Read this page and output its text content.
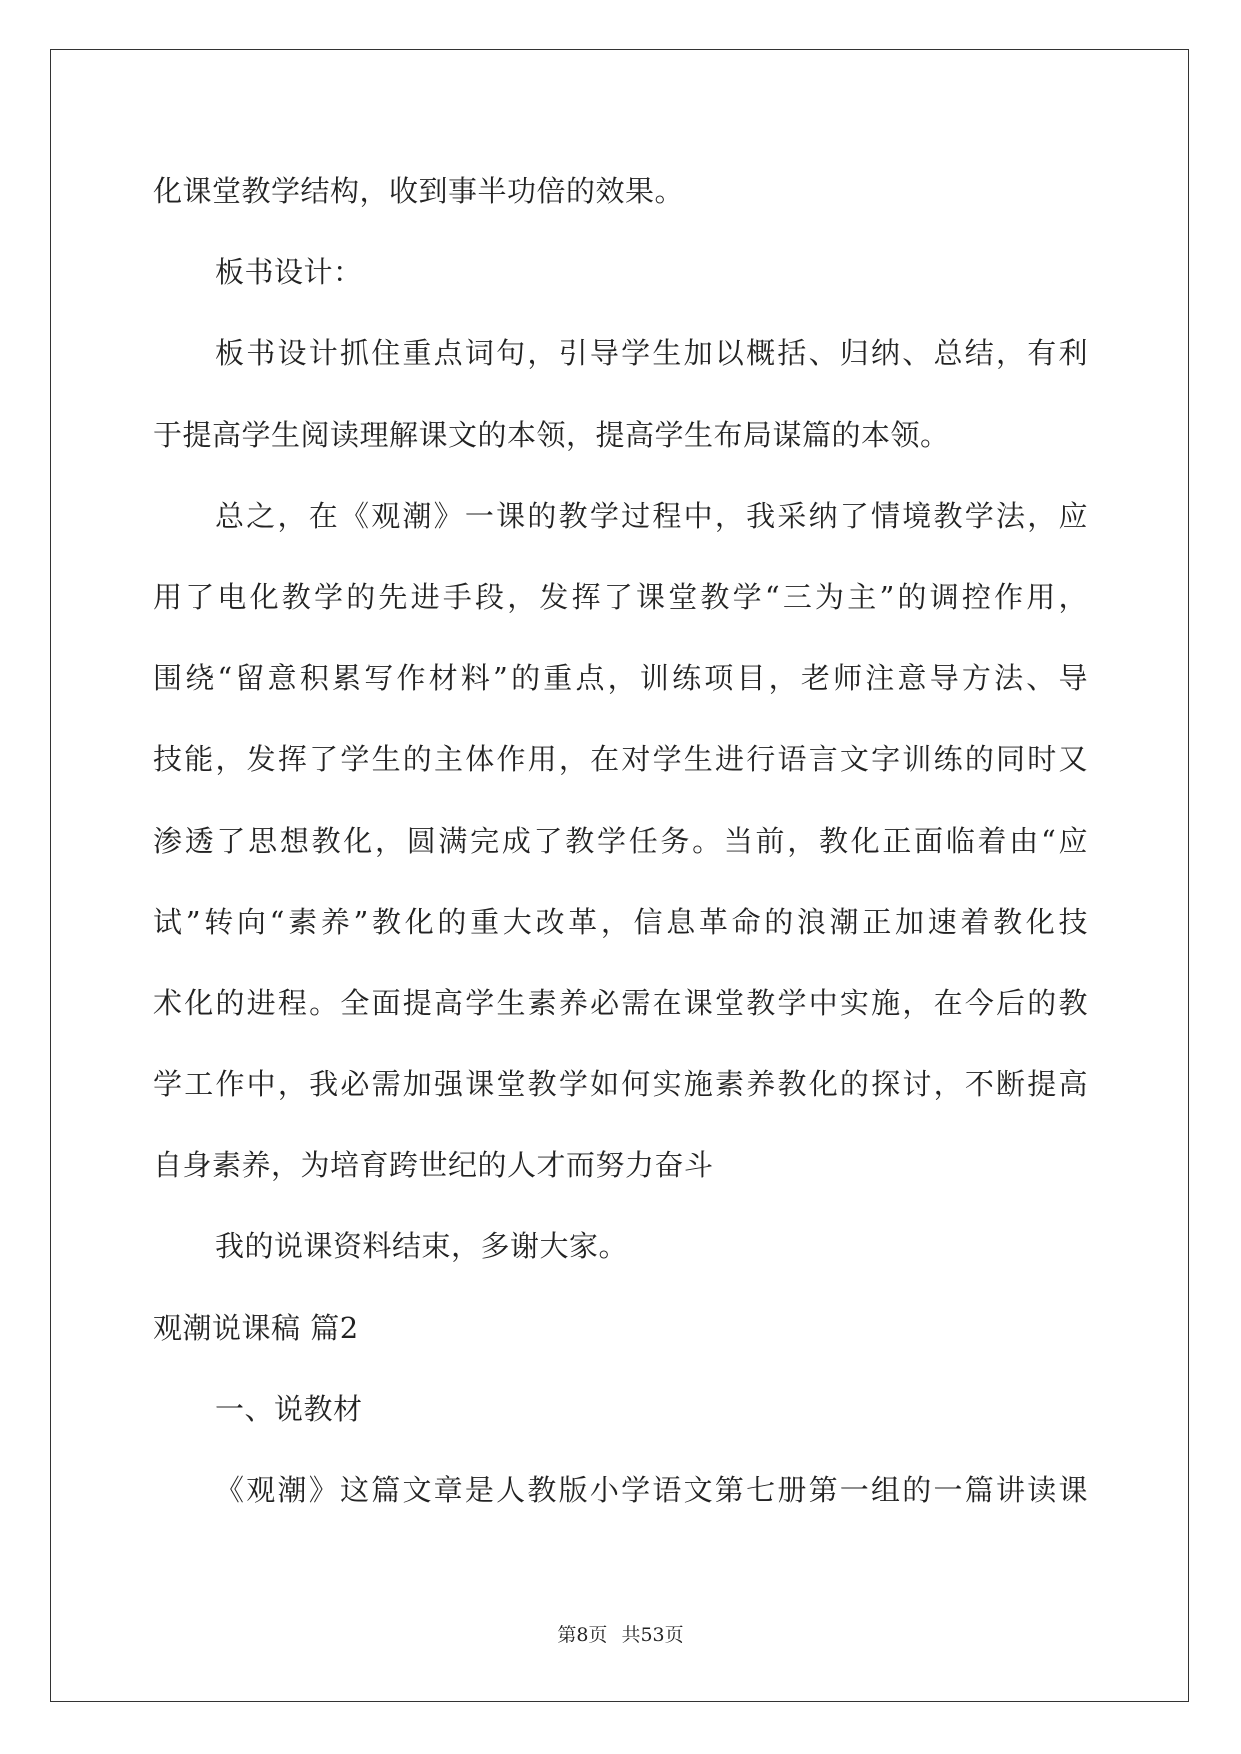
化课堂教学结构，收到事半功倍的效果。
板书设计：
板书设计抓住重点词句，引导学生加以概括、归纳、总结，有利
于提高学生阅读理解课文的本领，提高学生布局谋篇的本领。
总之，在《观潮》一课的教学过程中，我采纳了情境教学法，应
用了电化教学的先进手段，发挥了课堂教学“三为主”的调控作用，
围绕“留意积累写作材料”的重点，训练项目，老师注意导方法、导
技能，发挥了学生的主体作用，在对学生进行语言文字训练的同时又
渗透了思想教化，圆满完成了教学任务。当前，教化正面临着由“应
试”转向“素养”教化的重大改革，信息革命的浪潮正加速着教化技
术化的进程。全面提高学生素养必需在课堂教学中实施，在今后的教
学工作中，我必需加强课堂教学如何实施素养教化的探讨，不断提高
自身素养，为培育跨世纪的人才而努力奋斗
我的说课资料结束，多谢大家。
观潮说课稿 篇2
一、说教材
《观潮》这篇文章是人教版小学语文第七册第一组的一篇讲读课
第8页 共53页
